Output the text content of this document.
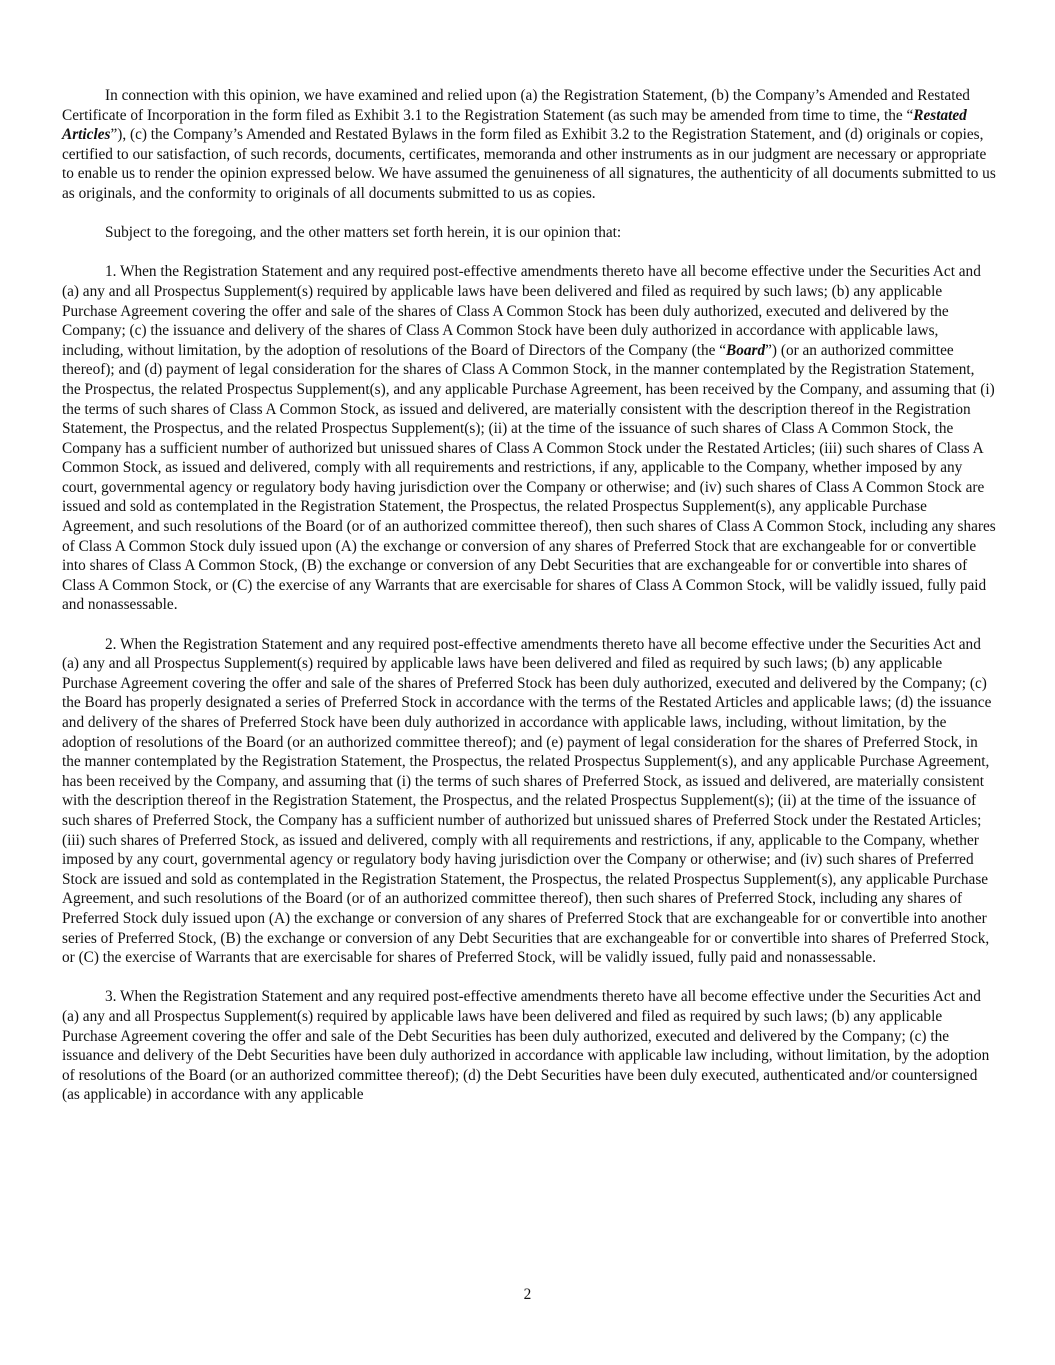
In connection with this opinion, we have examined and relied upon (a) the Registration Statement, (b) the Company’s Amended and Restated Certificate of Incorporation in the form filed as Exhibit 3.1 to the Registration Statement (as such may be amended from time to time, the “Restated Articles”), (c) the Company’s Amended and Restated Bylaws in the form filed as Exhibit 3.2 to the Registration Statement, and (d) originals or copies, certified to our satisfaction, of such records, documents, certificates, memoranda and other instruments as in our judgment are necessary or appropriate to enable us to render the opinion expressed below. We have assumed the genuineness of all signatures, the authenticity of all documents submitted to us as originals, and the conformity to originals of all documents submitted to us as copies.

Subject to the foregoing, and the other matters set forth herein, it is our opinion that:

1. When the Registration Statement and any required post-effective amendments thereto have all become effective under the Securities Act and (a) any and all Prospectus Supplement(s) required by applicable laws have been delivered and filed as required by such laws; (b) any applicable Purchase Agreement covering the offer and sale of the shares of Class A Common Stock has been duly authorized, executed and delivered by the Company; (c) the issuance and delivery of the shares of Class A Common Stock have been duly authorized in accordance with applicable laws, including, without limitation, by the adoption of resolutions of the Board of Directors of the Company (the “Board”) (or an authorized committee thereof); and (d) payment of legal consideration for the shares of Class A Common Stock, in the manner contemplated by the Registration Statement, the Prospectus, the related Prospectus Supplement(s), and any applicable Purchase Agreement, has been received by the Company, and assuming that (i) the terms of such shares of Class A Common Stock, as issued and delivered, are materially consistent with the description thereof in the Registration Statement, the Prospectus, and the related Prospectus Supplement(s); (ii) at the time of the issuance of such shares of Class A Common Stock, the Company has a sufficient number of authorized but unissued shares of Class A Common Stock under the Restated Articles; (iii) such shares of Class A Common Stock, as issued and delivered, comply with all requirements and restrictions, if any, applicable to the Company, whether imposed by any court, governmental agency or regulatory body having jurisdiction over the Company or otherwise; and (iv) such shares of Class A Common Stock are issued and sold as contemplated in the Registration Statement, the Prospectus, the related Prospectus Supplement(s), any applicable Purchase Agreement, and such resolutions of the Board (or of an authorized committee thereof), then such shares of Class A Common Stock, including any shares of Class A Common Stock duly issued upon (A) the exchange or conversion of any shares of Preferred Stock that are exchangeable for or convertible into shares of Class A Common Stock, (B) the exchange or conversion of any Debt Securities that are exchangeable for or convertible into shares of Class A Common Stock, or (C) the exercise of any Warrants that are exercisable for shares of Class A Common Stock, will be validly issued, fully paid and nonassessable.

2. When the Registration Statement and any required post-effective amendments thereto have all become effective under the Securities Act and (a) any and all Prospectus Supplement(s) required by applicable laws have been delivered and filed as required by such laws; (b) any applicable Purchase Agreement covering the offer and sale of the shares of Preferred Stock has been duly authorized, executed and delivered by the Company; (c) the Board has properly designated a series of Preferred Stock in accordance with the terms of the Restated Articles and applicable laws; (d) the issuance and delivery of the shares of Preferred Stock have been duly authorized in accordance with applicable laws, including, without limitation, by the adoption of resolutions of the Board (or an authorized committee thereof); and (e) payment of legal consideration for the shares of Preferred Stock, in the manner contemplated by the Registration Statement, the Prospectus, the related Prospectus Supplement(s), and any applicable Purchase Agreement, has been received by the Company, and assuming that (i) the terms of such shares of Preferred Stock, as issued and delivered, are materially consistent with the description thereof in the Registration Statement, the Prospectus, and the related Prospectus Supplement(s); (ii) at the time of the issuance of such shares of Preferred Stock, the Company has a sufficient number of authorized but unissued shares of Preferred Stock under the Restated Articles; (iii) such shares of Preferred Stock, as issued and delivered, comply with all requirements and restrictions, if any, applicable to the Company, whether imposed by any court, governmental agency or regulatory body having jurisdiction over the Company or otherwise; and (iv) such shares of Preferred Stock are issued and sold as contemplated in the Registration Statement, the Prospectus, the related Prospectus Supplement(s), any applicable Purchase Agreement, and such resolutions of the Board (or of an authorized committee thereof), then such shares of Preferred Stock, including any shares of Preferred Stock duly issued upon (A) the exchange or conversion of any shares of Preferred Stock that are exchangeable for or convertible into another series of Preferred Stock, (B) the exchange or conversion of any Debt Securities that are exchangeable for or convertible into shares of Preferred Stock, or (C) the exercise of Warrants that are exercisable for shares of Preferred Stock, will be validly issued, fully paid and nonassessable.

3. When the Registration Statement and any required post-effective amendments thereto have all become effective under the Securities Act and (a) any and all Prospectus Supplement(s) required by applicable laws have been delivered and filed as required by such laws; (b) any applicable Purchase Agreement covering the offer and sale of the Debt Securities has been duly authorized, executed and delivered by the Company; (c) the issuance and delivery of the Debt Securities have been duly authorized in accordance with applicable law including, without limitation, by the adoption of resolutions of the Board (or an authorized committee thereof); (d) the Debt Securities have been duly executed, authenticated and/or countersigned (as applicable) in accordance with any applicable

2
